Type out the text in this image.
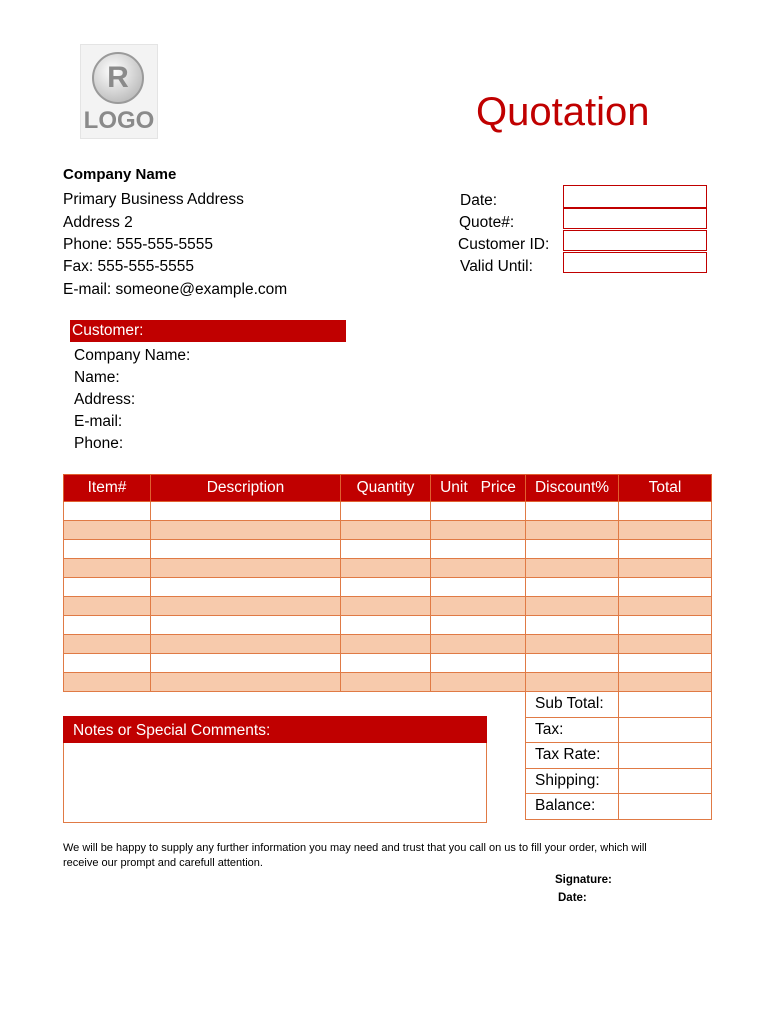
R
LOGO	Quotation
Company Name
Primary Business Address
Address 2
Phone: 555-555-5555
Fax: 555-555-5555
E-mail: someone@example.com
Date:
Quote#:
Customer ID:
Valid Until:
Customer:
Company Name:
Name:
Address:
E-mail:
Phone:
Item#	Description	Quantity	Unit   Price	Discount%	Total

Sub Total:	
Tax:	
Tax Rate:	
Shipping:	
Balance:	
Notes or Special Comments:
We will be happy to supply any further information you may need and trust that you call on us to fill your order, which will receive our prompt and carefull attention.
Signature:
Date:
